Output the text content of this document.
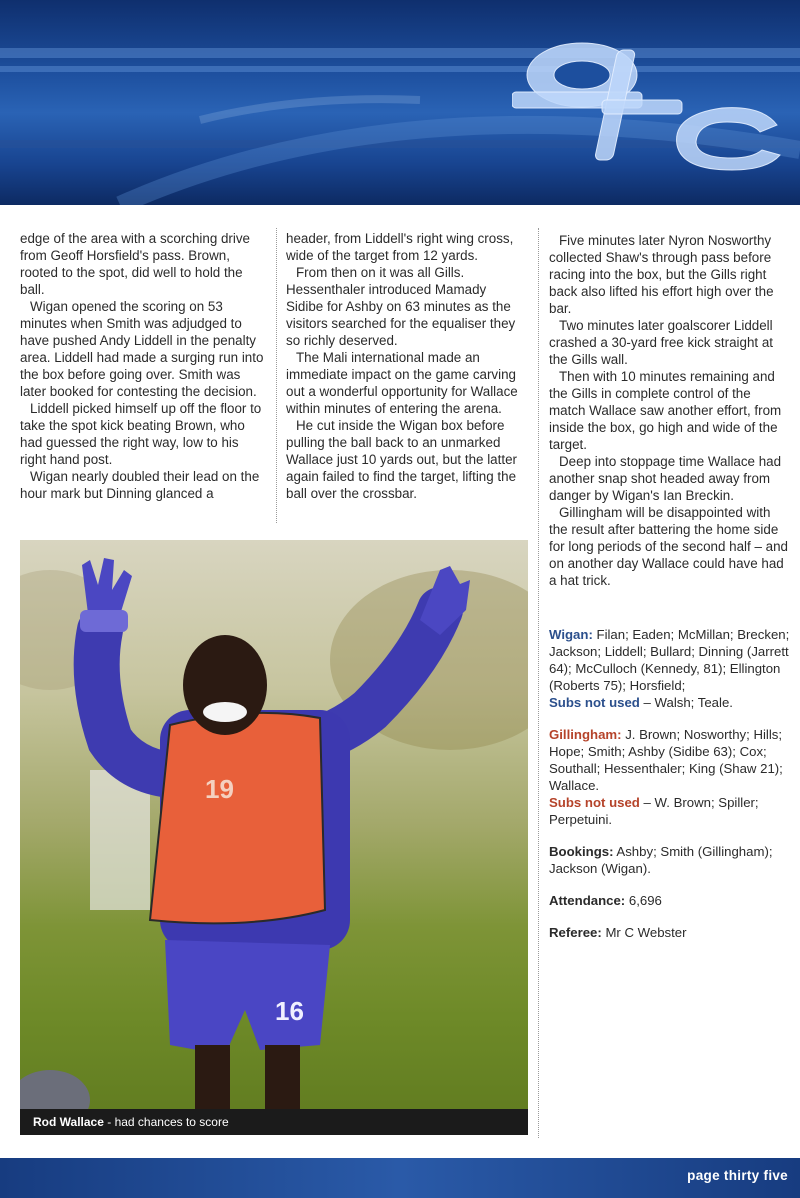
edge of the area with a scorching drive from Geoff Horsfield's pass. Brown, rooted to the spot, did well to hold the ball.

Wigan opened the scoring on 53 minutes when Smith was adjudged to have pushed Andy Liddell in the penalty area. Liddell had made a surging run into the box before going over. Smith was later booked for contesting the decision.

Liddell picked himself up off the floor to take the spot kick beating Brown, who had guessed the right way, low to his right hand post.

Wigan nearly doubled their lead on the hour mark but Dinning glanced a

header, from Liddell's right wing cross, wide of the target from 12 yards.

From then on it was all Gills. Hessenthaler introduced Mamady Sidibe for Ashby on 63 minutes as the visitors searched for the equaliser they so richly deserved.

The Mali international made an immediate impact on the game carving out a wonderful opportunity for Wallace within minutes of entering the arena.

He cut inside the Wigan box before pulling the ball back to an unmarked Wallace just 10 yards out, but the latter again failed to find the target, lifting the ball over the crossbar.

Five minutes later Nyron Nosworthy collected Shaw's through pass before racing into the box, but the Gills right back also lifted his effort high over the bar.

Two minutes later goalscorer Liddell crashed a 30-yard free kick straight at the Gills wall.

Then with 10 minutes remaining and the Gills in complete control of the match Wallace saw another effort, from inside the box, go high and wide of the target.

Deep into stoppage time Wallace had another snap shot headed away from danger by Wigan's Ian Breckin.

Gillingham will be disappointed with the result after battering the home side for long periods of the second half – and on another day Wallace could have had a hat trick.

19
16
Rod Wallace - had chances to score

Wigan: Filan; Eaden; McMillan; Brecken; Jackson; Liddell; Bullard; Dinning (Jarrett 64); McCulloch (Kennedy, 81); Ellington (Roberts 75); Horsfield;
Subs not used – Walsh; Teale.

Gillingham: J. Brown; Nosworthy; Hills; Hope; Smith; Ashby (Sidibe 63); Cox; Southall; Hessenthaler; King (Shaw 21); Wallace.
Subs not used – W. Brown; Spiller; Perpetuini.

Bookings: Ashby; Smith (Gillingham); Jackson (Wigan).

Attendance: 6,696

Referee: Mr C Webster

page thirty five
